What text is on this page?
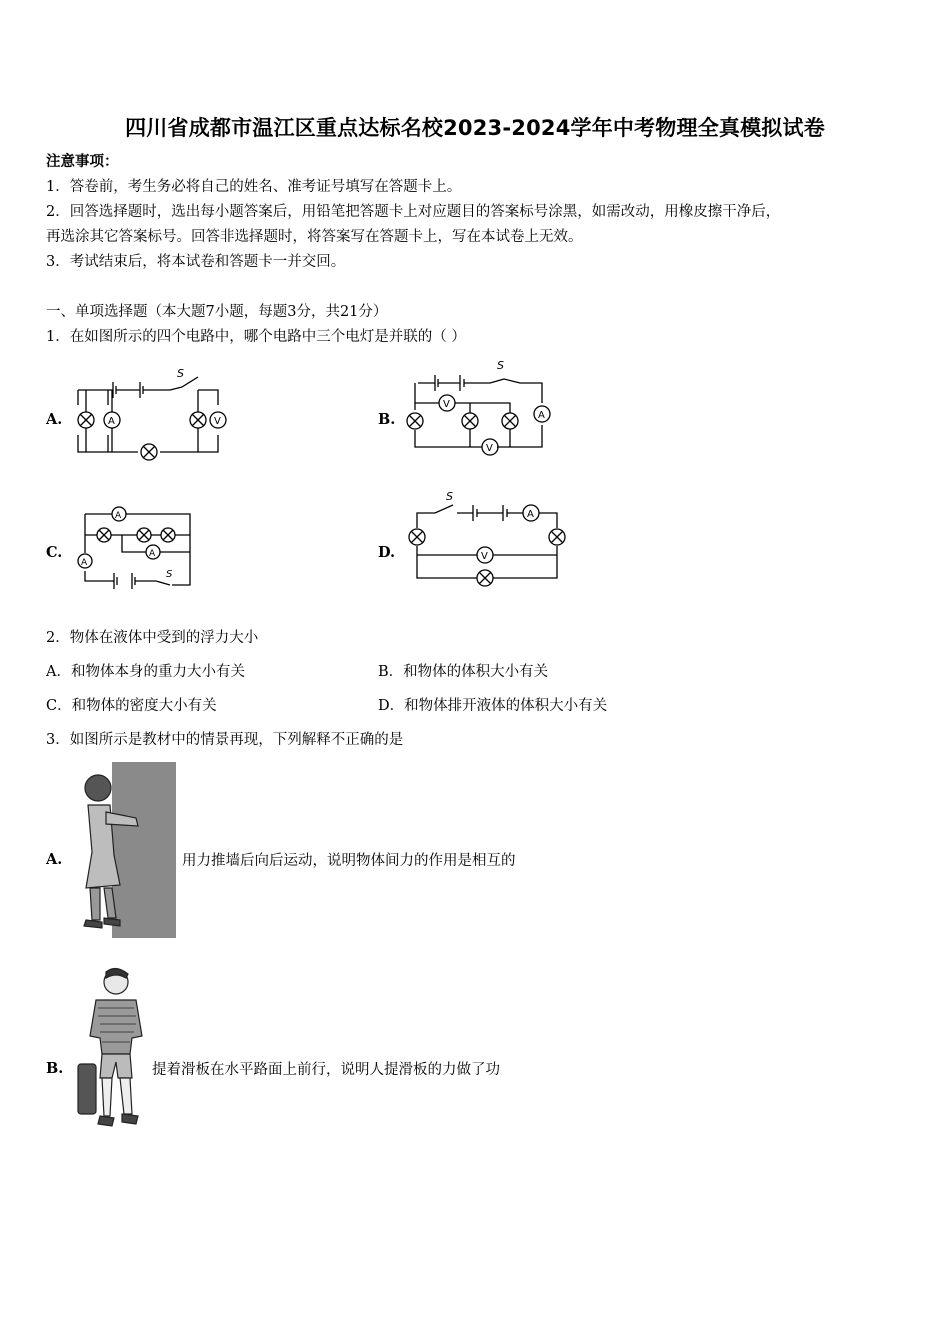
四川省成都市温江区重点达标名校2023-2024学年中考物理全真模拟试卷
注意事项：
1．答卷前，考生务必将自己的姓名、准考证号填写在答题卡上。
2．回答选择题时，选出每小题答案后，用铅笔把答题卡上对应题目的答案标号涂黑，如需改动，用橡皮擦干净后，
再选涂其它答案标号。回答非选择题时，将答案写在答题卡上，写在本试卷上无效。
3．考试结束后，将本试卷和答题卡一并交回。
一、单项选择题（本大题7小题，每题3分，共21分）
1．在如图所示的四个电路中，哪个电路中三个电灯是并联的（ ）
A.	B.
C.	D.
A	V
S
V
A
V
S
A
A
A
S
A
V
S
2．物体在液体中受到的浮力大小
A．和物体本身的重力大小有关	B．和物体的体积大小有关
C．和物体的密度大小有关	D．和物体排开液体的体积大小有关
3．如图所示是教材中的情景再现，下列解释不正确的是
A.	用力推墙后向后运动，说明物体间力的作用是相互的
B.	提着滑板在水平路面上前行，说明人提滑板的力做了功
